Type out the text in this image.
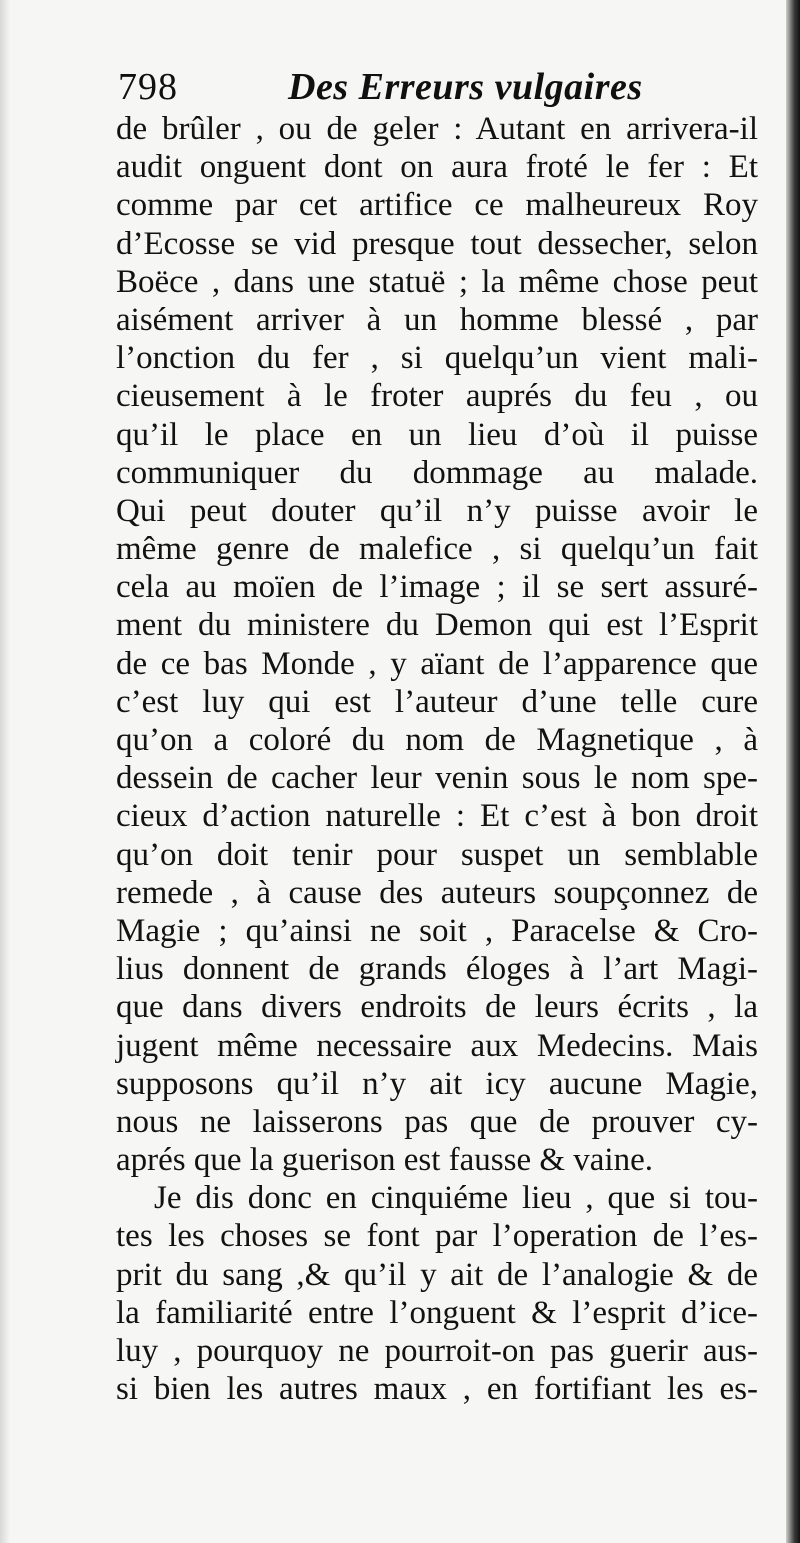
798	Des Erreurs vulgaires
de brûler , ou de geler : Autant en arrivera-il
audit onguent dont on aura froté le fer : Et
comme par cet artifice ce malheureux Roy
d’Ecosse se vid presque tout dessecher, selon
Boëce , dans une statuë ; la même chose peut
aisément arriver à un homme blessé , par
l’onction du fer , si quelqu’un vient mali-
cieusement à le froter auprés du feu , ou
qu’il le place en un lieu d’où il puisse
communiquer du dommage au malade.
Qui peut douter qu’il n’y puisse avoir le
même genre de malefice , si quelqu’un fait
cela au moïen de l’image ; il se sert assuré-
ment du ministere du Demon qui est l’Esprit
de ce bas Monde , y aïant de l’apparence que
c’est luy qui est l’auteur d’une telle cure
qu’on a coloré du nom de Magnetique , à
dessein de cacher leur venin sous le nom spe-
cieux d’action naturelle : Et c’est à bon droit
qu’on doit tenir pour suspet un semblable
remede , à cause des auteurs soupçonnez de
Magie ; qu’ainsi ne soit , Paracelse & Cro-
lius donnent de grands éloges à l’art Magi-
que dans divers endroits de leurs écrits , la
jugent même necessaire aux Medecins. Mais
supposons qu’il n’y ait icy aucune Magie,
nous ne laisserons pas que de prouver cy-
aprés que la guerison est fausse & vaine.
Je dis donc en cinquiéme lieu , que si tou-
tes les choses se font par l’operation de l’es-
prit du sang ,& qu’il y ait de l’analogie & de
la familiarité entre l’onguent & l’esprit d’ice-
luy , pourquoy ne pourroit-on pas guerir aus-
si bien les autres maux , en fortifiant les es-
